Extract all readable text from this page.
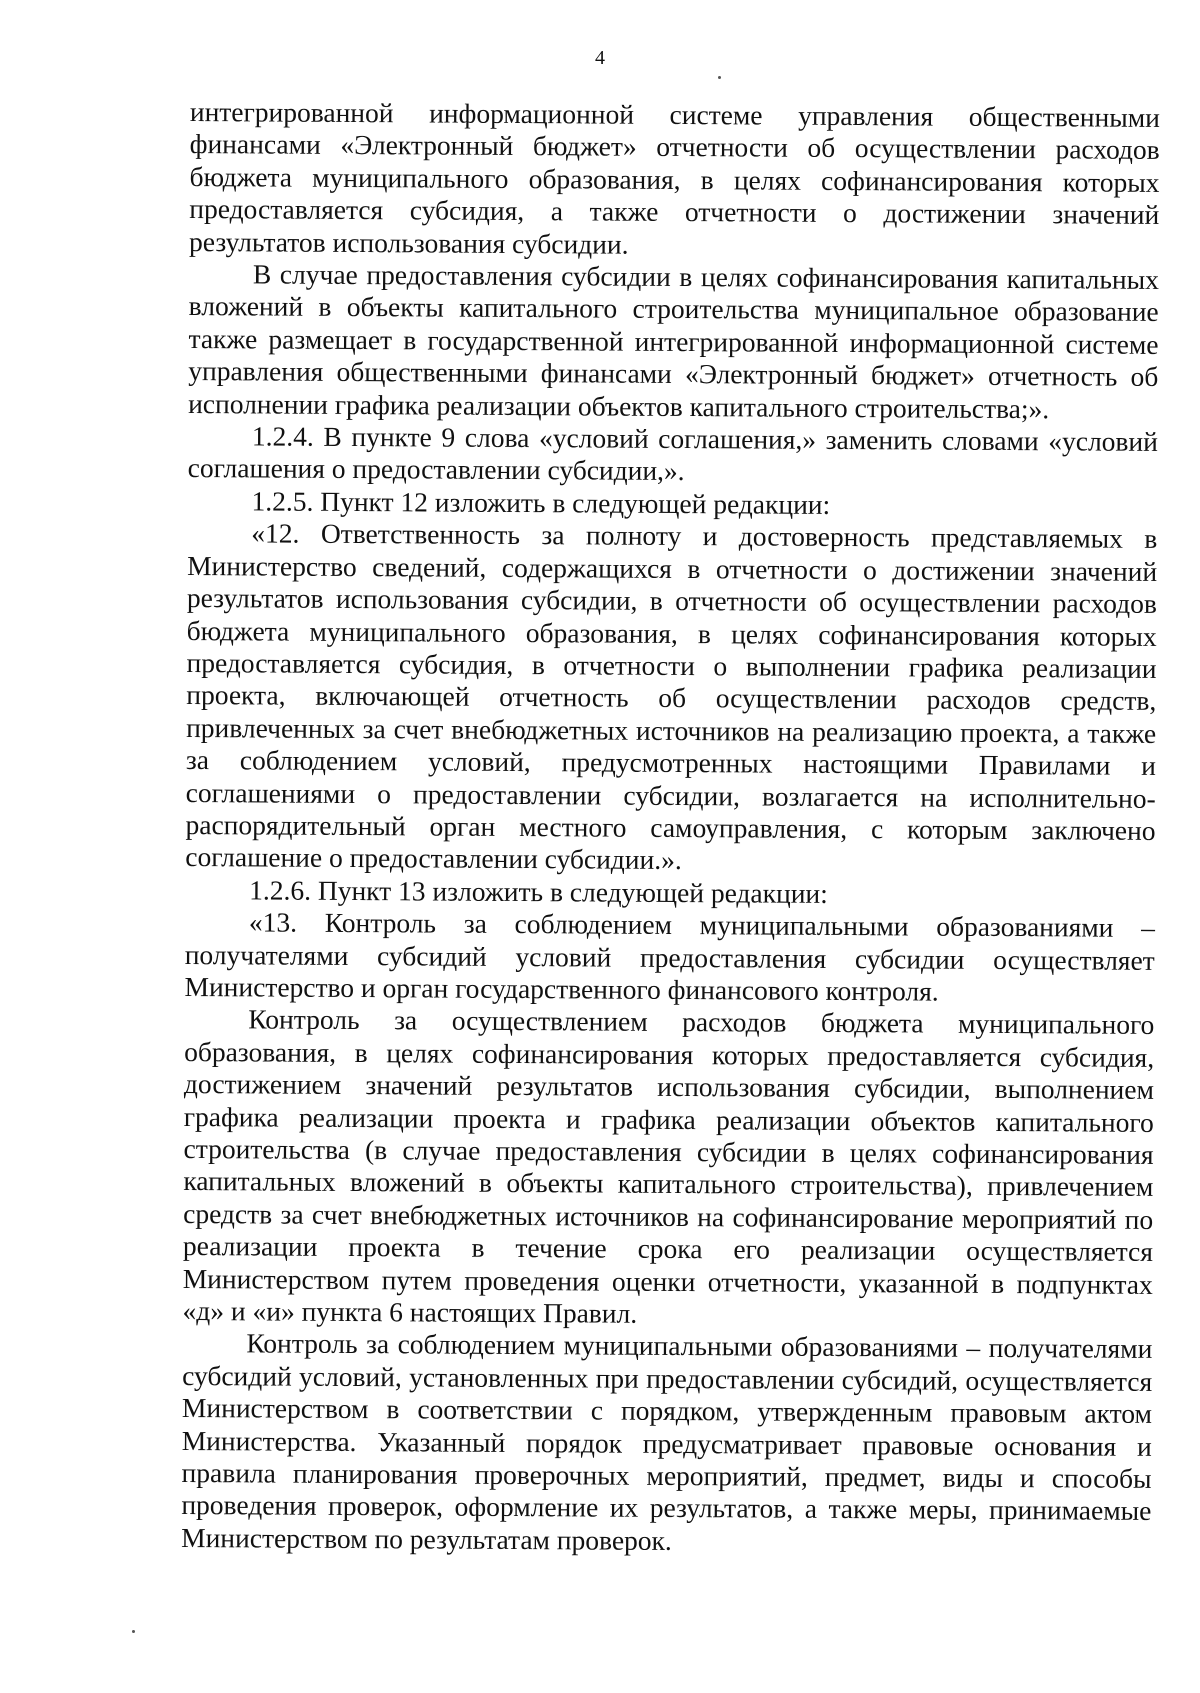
4

интегрированной информационной системе управления общественными финансами «Электронный бюджет» отчетности об осуществлении расходов бюджета муниципального образования, в целях софинансирования которых предоставляется субсидия, а также отчетности о достижении значений результатов использования субсидии.

В случае предоставления субсидии в целях софинансирования капитальных вложений в объекты капитального строительства муниципальное образование также размещает в государственной интегрированной информационной системе управления общественными финансами «Электронный бюджет» отчетность об исполнении графика реализации объектов капитального строительства;».

1.2.4. В пункте 9 слова «условий соглашения,» заменить словами «условий соглашения о предоставлении субсидии,».

1.2.5. Пункт 12 изложить в следующей редакции:

«12. Ответственность за полноту и достоверность представляемых в Министерство сведений, содержащихся в отчетности о достижении значений результатов использования субсидии, в отчетности об осуществлении расходов бюджета муниципального образования, в целях софинансирования которых предоставляется субсидия, в отчетности о выполнении графика реализации проекта, включающей отчетность об осуществлении расходов средств, привлеченных за счет внебюджетных источников на реализацию проекта, а также за соблюдением условий, предусмотренных настоящими Правилами и соглашениями о предоставлении субсидии, возлагается на исполнительно-распорядительный орган местного самоуправления, с которым заключено соглашение о предоставлении субсидии.».

1.2.6. Пункт 13 изложить в следующей редакции:

«13. Контроль за соблюдением муниципальными образованиями – получателями субсидий условий предоставления субсидии осуществляет Министерство и орган государственного финансового контроля.

Контроль за осуществлением расходов бюджета муниципального образования, в целях софинансирования которых предоставляется субсидия, достижением значений результатов использования субсидии, выполнением графика реализации проекта и графика реализации объектов капитального строительства (в случае предоставления субсидии в целях софинансирования капитальных вложений в объекты капитального строительства), привлечением средств за счет внебюджетных источников на софинансирование мероприятий по реализации проекта в течение срока его реализации осуществляется Министерством путем проведения оценки отчетности, указанной в подпунктах «д» и «и» пункта 6 настоящих Правил.

Контроль за соблюдением муниципальными образованиями – получателями субсидий условий, установленных при предоставлении субсидий, осуществляется Министерством в соответствии с порядком, утвержденным правовым актом Министерства. Указанный порядок предусматривает правовые основания и правила планирования проверочных мероприятий, предмет, виды и способы проведения проверок, оформление их результатов, а также меры, принимаемые Министерством по результатам проверок.
